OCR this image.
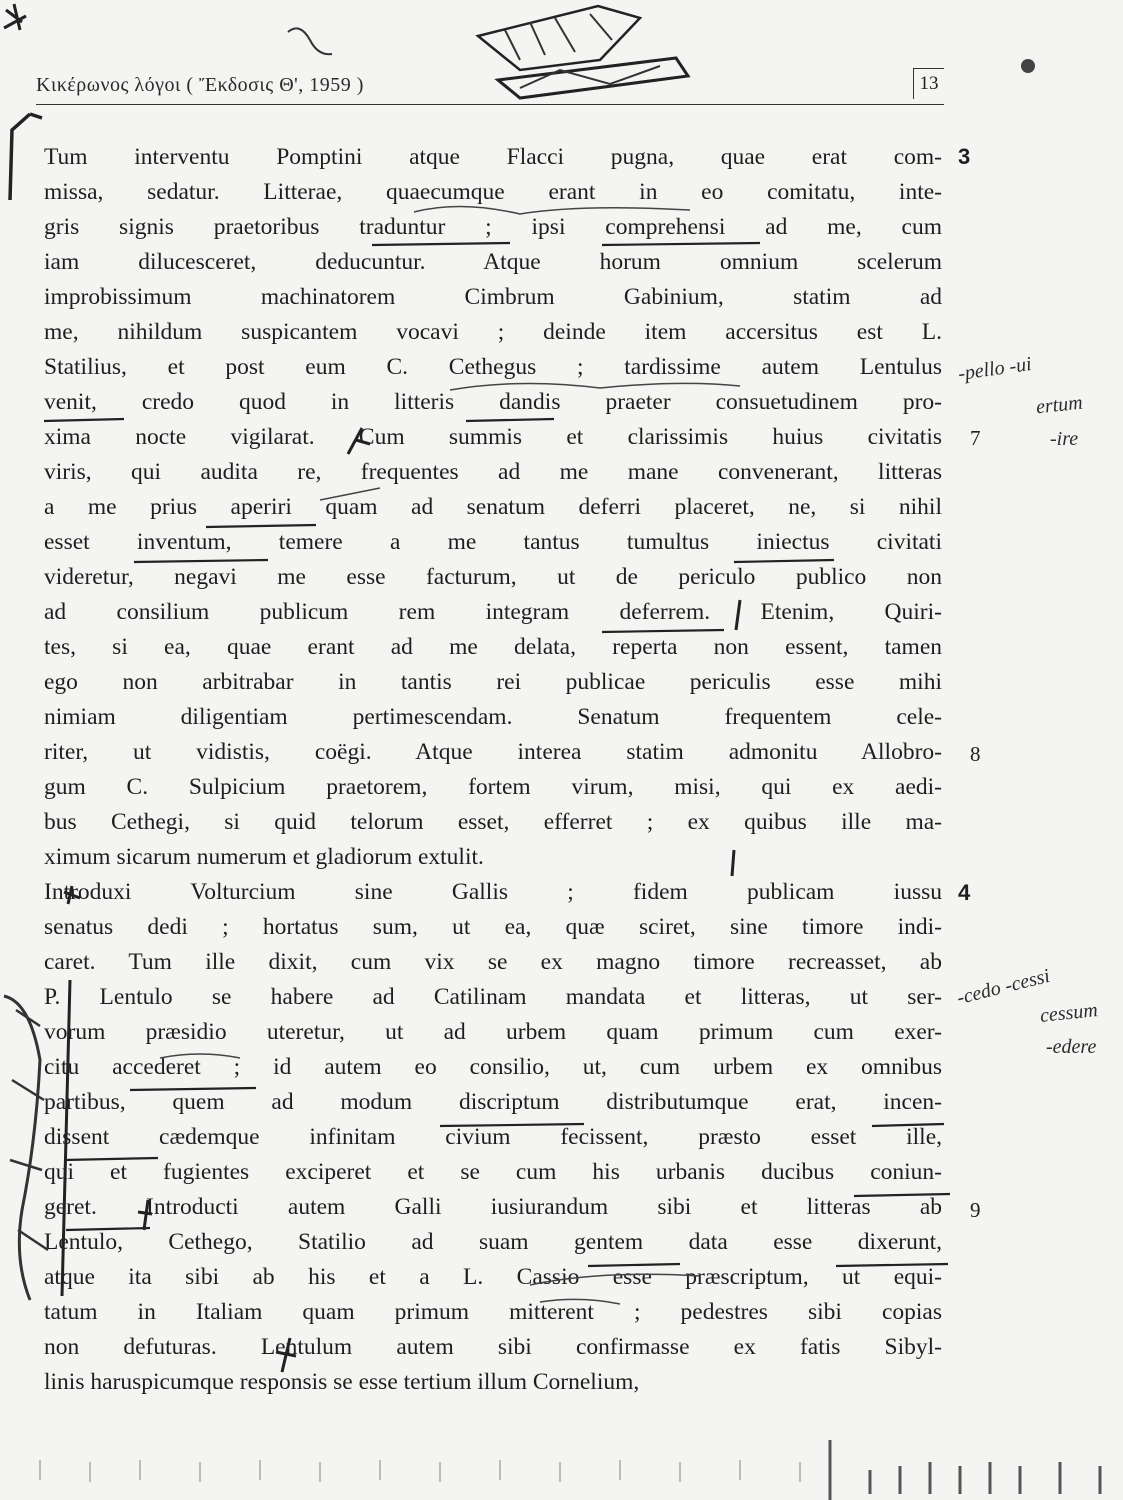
Κικέρωνος λόγοι ( Ἔκδοσις Θ', 1959 )	13
Tum interventu Pomptini atque Flacci pugna, quae erat com-
missa, sedatur. Litterae, quaecumque erant in eo comitatu, inte-
gris signis praetoribus traduntur ; ipsi comprehensi ad me, cum
iam dilucesceret, deducuntur. Atque horum omnium scelerum
improbissimum machinatorem Cimbrum Gabinium, statim ad
me, nihildum suspicantem vocavi ; deinde item accersitus est L.
Statilius, et post eum C. Cethegus ; tardissime autem Lentulus
venit, credo quod in litteris dandis praeter consuetudinem pro-
xima nocte vigilarat. Cum summis et clarissimis huius civitatis
viris, qui audita re, frequentes ad me mane convenerant, litteras
a me prius aperiri quam ad senatum deferri placeret, ne, si nihil
esset inventum, temere a me tantus tumultus iniectus civitati
videretur, negavi me esse facturum, ut de periculo publico non
ad consilium publicum rem integram deferrem. Etenim, Quiri-
tes, si ea, quae erant ad me delata, reperta non essent, tamen
ego non arbitrabar in tantis rei publicae periculis esse mihi
nimiam diligentiam pertimescendam. Senatum frequentem cele-
riter, ut vidistis, coëgi. Atque interea statim admonitu Allobro-
gum C. Sulpicium praetorem, fortem virum, misi, qui ex aedi-
bus Cethegi, si quid telorum esset, efferret ; ex quibus ille ma-
ximum sicarum numerum et gladiorum extulit.
Introduxi Volturcium sine Gallis ; fidem publicam iussu
senatus dedi ; hortatus sum, ut ea, quæ sciret, sine timore indi-
caret. Tum ille dixit, cum vix se ex magno timore recreasset, ab
P. Lentulo se habere ad Catilinam mandata et litteras, ut ser-
vorum præsidio uteretur, ut ad urbem quam primum cum exer-
citu accederet ; id autem eo consilio, ut, cum urbem ex omnibus
partibus, quem ad modum discriptum distributumque erat, incen-
dissent cædemque infinitam civium fecissent, præsto esset ille,
qui et fugientes exciperet et se cum his urbanis ducibus coniun-
geret. Introducti autem Galli iusiurandum sibi et litteras ab
Lentulo, Cethego, Statilio ad suam gentem data esse dixerunt,
atque ita sibi ab his et a L. Cassio esse præscriptum, ut equi-
tatum in Italiam quam primum mitterent ; pedestres sibi copias
non defuturas. Lentulum autem sibi confirmasse ex fatis Sibyl-
linis haruspicumque responsis se esse tertium illum Cornelium,
3
7
8
4
9
-pello -ui
ertum
-ire
-cedo -cessi
cessum
-edere
